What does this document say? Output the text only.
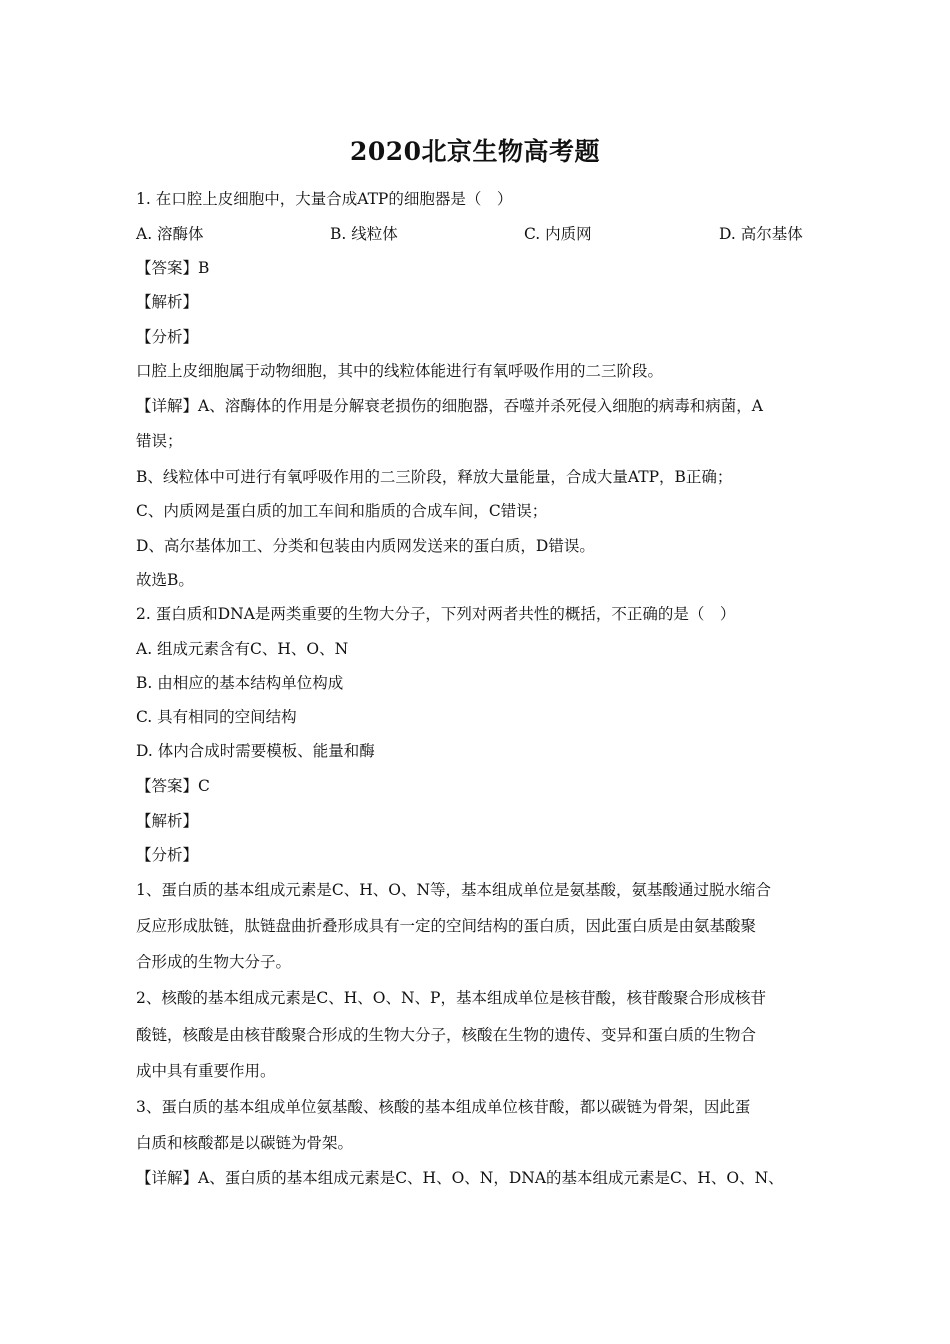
2020北京生物高考题
1. 在口腔上皮细胞中，大量合成ATP的细胞器是（　）
A. 溶酶体	B. 线粒体	C. 内质网	D. 高尔基体
【答案】B
【解析】
【分析】
口腔上皮细胞属于动物细胞，其中的线粒体能进行有氧呼吸作用的二三阶段。
【详解】A、溶酶体的作用是分解衰老损伤的细胞器，吞噬并杀死侵入细胞的病毒和病菌，A
错误；
B、线粒体中可进行有氧呼吸作用的二三阶段，释放大量能量，合成大量ATP，B正确；
C、内质网是蛋白质的加工车间和脂质的合成车间，C错误；
D、高尔基体加工、分类和包装由内质网发送来的蛋白质，D错误。
故选B。
2. 蛋白质和DNA是两类重要的生物大分子，下列对两者共性的概括，不正确的是（　）
A. 组成元素含有C、H、O、N
B. 由相应的基本结构单位构成
C. 具有相同的空间结构
D. 体内合成时需要模板、能量和酶
【答案】C
【解析】
【分析】
1、蛋白质的基本组成元素是C、H、O、N等，基本组成单位是氨基酸，氨基酸通过脱水缩合
反应形成肽链，肽链盘曲折叠形成具有一定的空间结构的蛋白质，因此蛋白质是由氨基酸聚
合形成的生物大分子。
2、核酸的基本组成元素是C、H、O、N、P，基本组成单位是核苷酸，核苷酸聚合形成核苷
酸链，核酸是由核苷酸聚合形成的生物大分子，核酸在生物的遗传、变异和蛋白质的生物合
成中具有重要作用。
3、蛋白质的基本组成单位氨基酸、核酸的基本组成单位核苷酸，都以碳链为骨架，因此蛋
白质和核酸都是以碳链为骨架。
【详解】A、蛋白质的基本组成元素是C、H、O、N，DNA的基本组成元素是C、H、O、N、
